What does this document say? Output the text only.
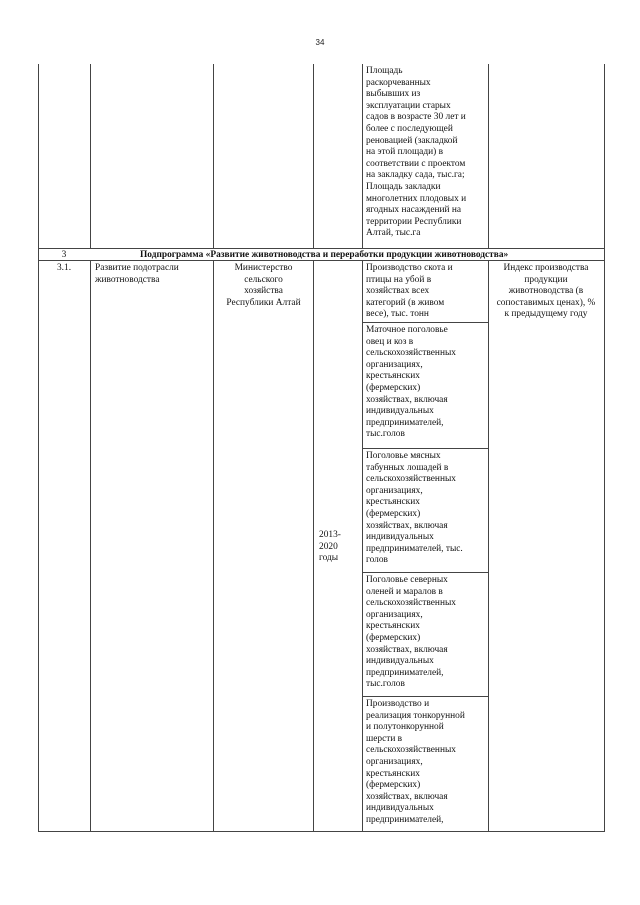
34
Площадь
раскорчеванных
выбывших из
эксплуатации старых
садов в возрасте 30 лет и
более с последующей
реновацией (закладкой
на этой площади) в
соответствии с проектом
на закладку сада, тыс.га;
Площадь закладки
многолетних плодовых и
ягодных насаждений на
территории Республики
Алтай, тыс.га
3	Подпрограмма «Развитие животноводства и переработки продукции животноводства»
3.1.	Развитие подотрасли
животноводства
Министерство
сельского
хозяйства
Республики Алтай
2013-
2020
годы
Индекс производства
продукции
животноводства (в
сопоставимых ценах), %
к предыдущему году
Производство скота и
птицы на убой в
хозяйствах всех
категорий (в живом
весе), тыс. тонн
Маточное поголовье
овец и коз в
сельскохозяйственных
организациях,
крестьянских
(фермерских)
хозяйствах, включая
индивидуальных
предпринимателей,
тыс.голов
Поголовье мясных
табунных лошадей в
сельскохозяйственных
организациях,
крестьянских
(фермерских)
хозяйствах, включая
индивидуальных
предпринимателей, тыс.
голов
Поголовье северных
оленей и маралов в
сельскохозяйственных
организациях,
крестьянских
(фермерских)
хозяйствах, включая
индивидуальных
предпринимателей,
тыс.голов
Производство и
реализация тонкорунной
и полутонкорунной
шерсти в
сельскохозяйственных
организациях,
крестьянских
(фермерских)
хозяйствах, включая
индивидуальных
предпринимателей,
